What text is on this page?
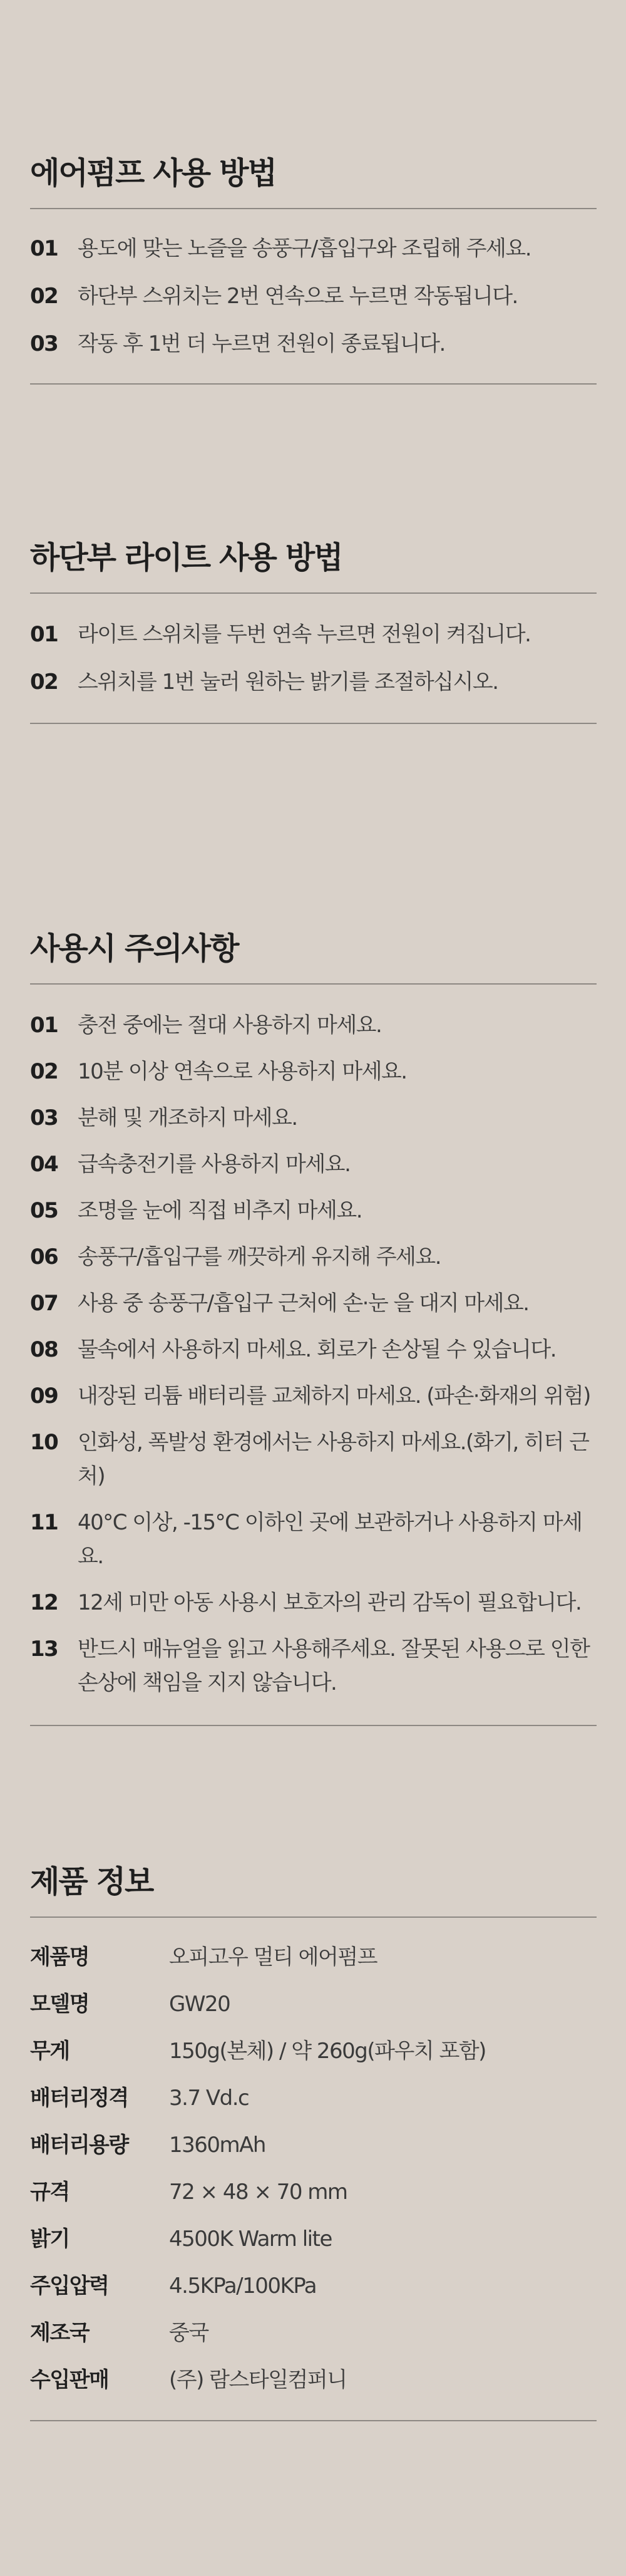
에어펌프 사용 방법
01 용도에 맞는 노즐을 송풍구/흡입구와 조립해 주세요.
02 하단부 스위치는 2번 연속으로 누르면 작동됩니다.
03 작동 후 1번 더 누르면 전원이 종료됩니다.
하단부 라이트 사용 방법
01 라이트 스위치를 두번 연속 누르면 전원이 켜집니다.
02 스위치를 1번 눌러 원하는 밝기를 조절하십시오.
사용시 주의사항
01 충전 중에는 절대 사용하지 마세요.
02 10분 이상 연속으로 사용하지 마세요.
03 분해 및 개조하지 마세요.
04 급속충전기를 사용하지 마세요.
05 조명을 눈에 직접 비추지 마세요.
06 송풍구/흡입구를 깨끗하게 유지해 주세요.
07 사용 중 송풍구/흡입구 근처에 손·눈 을 대지 마세요.
08 물속에서 사용하지 마세요. 회로가 손상될 수 있습니다.
09 내장된 리튬 배터리를 교체하지 마세요. (파손·화재의 위험)
10 인화성, 폭발성 환경에서는 사용하지 마세요.(화기, 히터 근처)
11 40°C 이상, -15°C 이하인 곳에 보관하거나 사용하지 마세요.
12 12세 미만 아동 사용시 보호자의 관리 감독이 필요합니다.
13 반드시 매뉴얼을 읽고 사용해주세요. 잘못된 사용으로 인한 손상에 책임을 지지 않습니다.
제품 정보
제품명	오피고우 멀티 에어펌프
모델명	GW20
무게	150g(본체) / 약 260g(파우치 포함)
배터리정격	3.7 Vd.c
배터리용량	1360mAh
규격	72 × 48 × 70 mm
밝기	4500K Warm lite
주입압력	4.5KPa/100KPa
제조국	중국
수입판매	(주) 람스타일컴퍼니
